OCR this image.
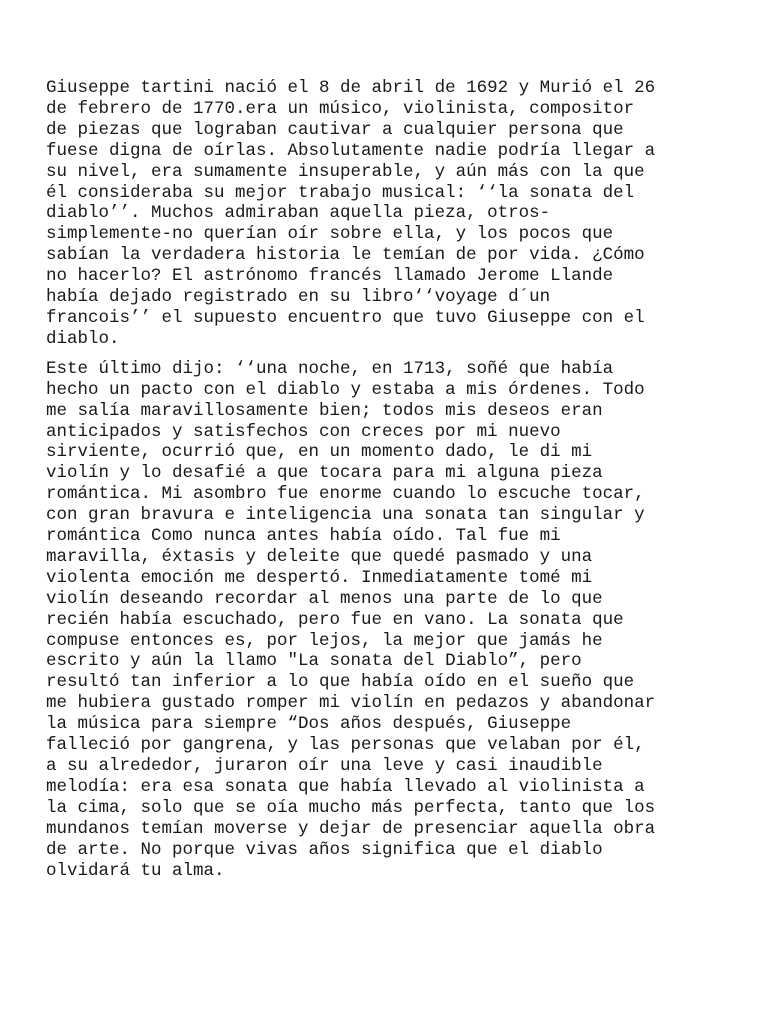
Giuseppe tartini nació el 8 de abril de 1692 y Murió el 26
de febrero de 1770.era un músico, violinista, compositor
de piezas que lograban cautivar a cualquier persona que
fuese digna de oírlas. Absolutamente nadie podría llegar a
su nivel, era sumamente insuperable, y aún más con la que
él consideraba su mejor trabajo musical: ‘‘la sonata del
diablo’’. Muchos admiraban aquella pieza, otros-
simplemente-no querían oír sobre ella, y los pocos que
sabían la verdadera historia le temían de por vida. ¿Cómo
no hacerlo? El astrónomo francés llamado Jerome Llande
había dejado registrado en su libro‘‘voyage d´un
francois’’ el supuesto encuentro que tuvo Giuseppe con el
diablo.

Este último dijo: ‘‘una noche, en 1713, soñé que había
hecho un pacto con el diablo y estaba a mis órdenes. Todo
me salía maravillosamente bien; todos mis deseos eran
anticipados y satisfechos con creces por mi nuevo
sirviente, ocurrió que, en un momento dado, le di mi
violín y lo desafié a que tocara para mi alguna pieza
romántica. Mi asombro fue enorme cuando lo escuche tocar,
con gran bravura e inteligencia una sonata tan singular y
romántica Como nunca antes había oído. Tal fue mi
maravilla, éxtasis y deleite que quedé pasmado y una
violenta emoción me despertó. Inmediatamente tomé mi
violín deseando recordar al menos una parte de lo que
recién había escuchado, pero fue en vano. La sonata que
compuse entonces es, por lejos, la mejor que jamás he
escrito y aún la llamo "La sonata del Diablo”, pero
resultó tan inferior a lo que había oído en el sueño que
me hubiera gustado romper mi violín en pedazos y abandonar
la música para siempre “Dos años después, Giuseppe
falleció por gangrena, y las personas que velaban por él,
a su alrededor, juraron oír una leve y casi inaudible
melodía: era esa sonata que había llevado al violinista a
la cima, solo que se oía mucho más perfecta, tanto que los
mundanos temían moverse y dejar de presenciar aquella obra
de arte. No porque vivas años significa que el diablo
olvidará tu alma.
